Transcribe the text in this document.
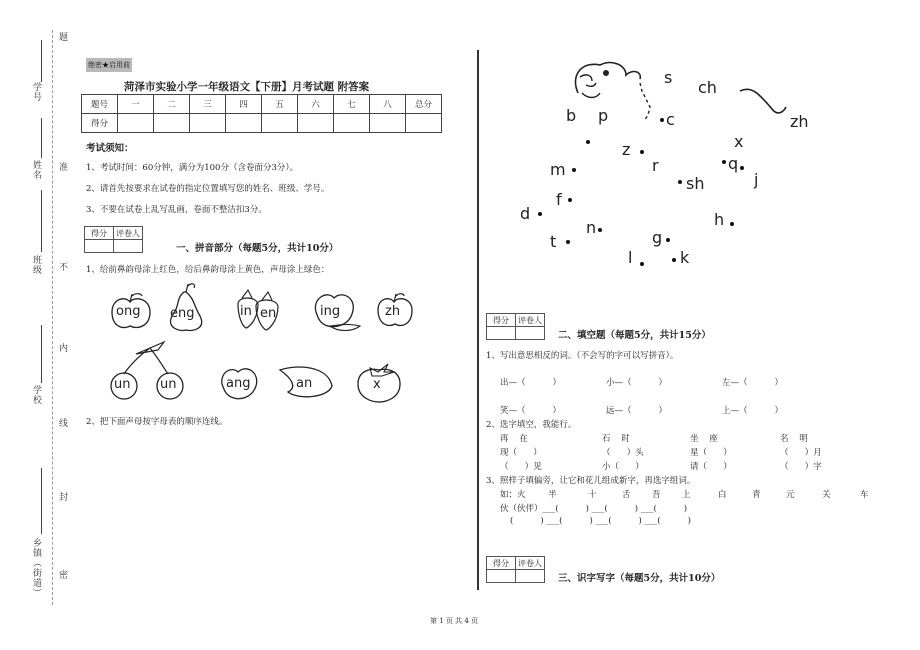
学号
姓名
班级
学校
乡镇（街道）
题
准
不
内
线
封
密
绝密★启用前
菏泽市实验小学一年级语文【下册】月考试题 附答案
题号	一	二	三	四	五	六	七	八	总分
得分									
考试须知：
1、考试时间：60分钟，满分为100分（含卷面分3分）。
2、请首先按要求在试卷的指定位置填写您的姓名、班级、学号。
3、不要在试卷上乱写乱画，卷面不整洁扣3分。
得分	评卷人

一、拼音部分（每题5分，共计10分）
1、给前鼻韵母涂上红色，给后鼻韵母涂上黄色，声母涂上绿色：
ong eng	in en	ing	zh
un un	ang	an	x
2、把下面声母按字母表的顺序连线。
s
ch
b p	c	zh
x
z
q
m	r
sh	j
f
d
n	h
g
t
l	k
得分	评卷人

二、填空题（每题5分，共计15分）
1、写出意思相反的词。（不会写的字可以写拼音）。
出—（          ）	小—（          ）	左—（          ）
笑—（          ）	远—（          ）	上—（          ）
2、选字填空，我能行。
再    在	石    时	坐    座	名    明
现（      ）	（      ）头	星（      ）	（      ）月
（      ）见	小（      ）	请（      ）	（      ）字
3、照样子填偏旁，让它和花儿组成新字，再选字组词。
如：火	半	十	舌	吾	上	白	青	元	关	车
伙（伙伴）___(          ) ___(          ) ___(          )
(          ) ___(          ) ___(          ) ___(          )
得分	评卷人

三、识字写字（每题5分，共计10分）
第 1 页 共 4 页
